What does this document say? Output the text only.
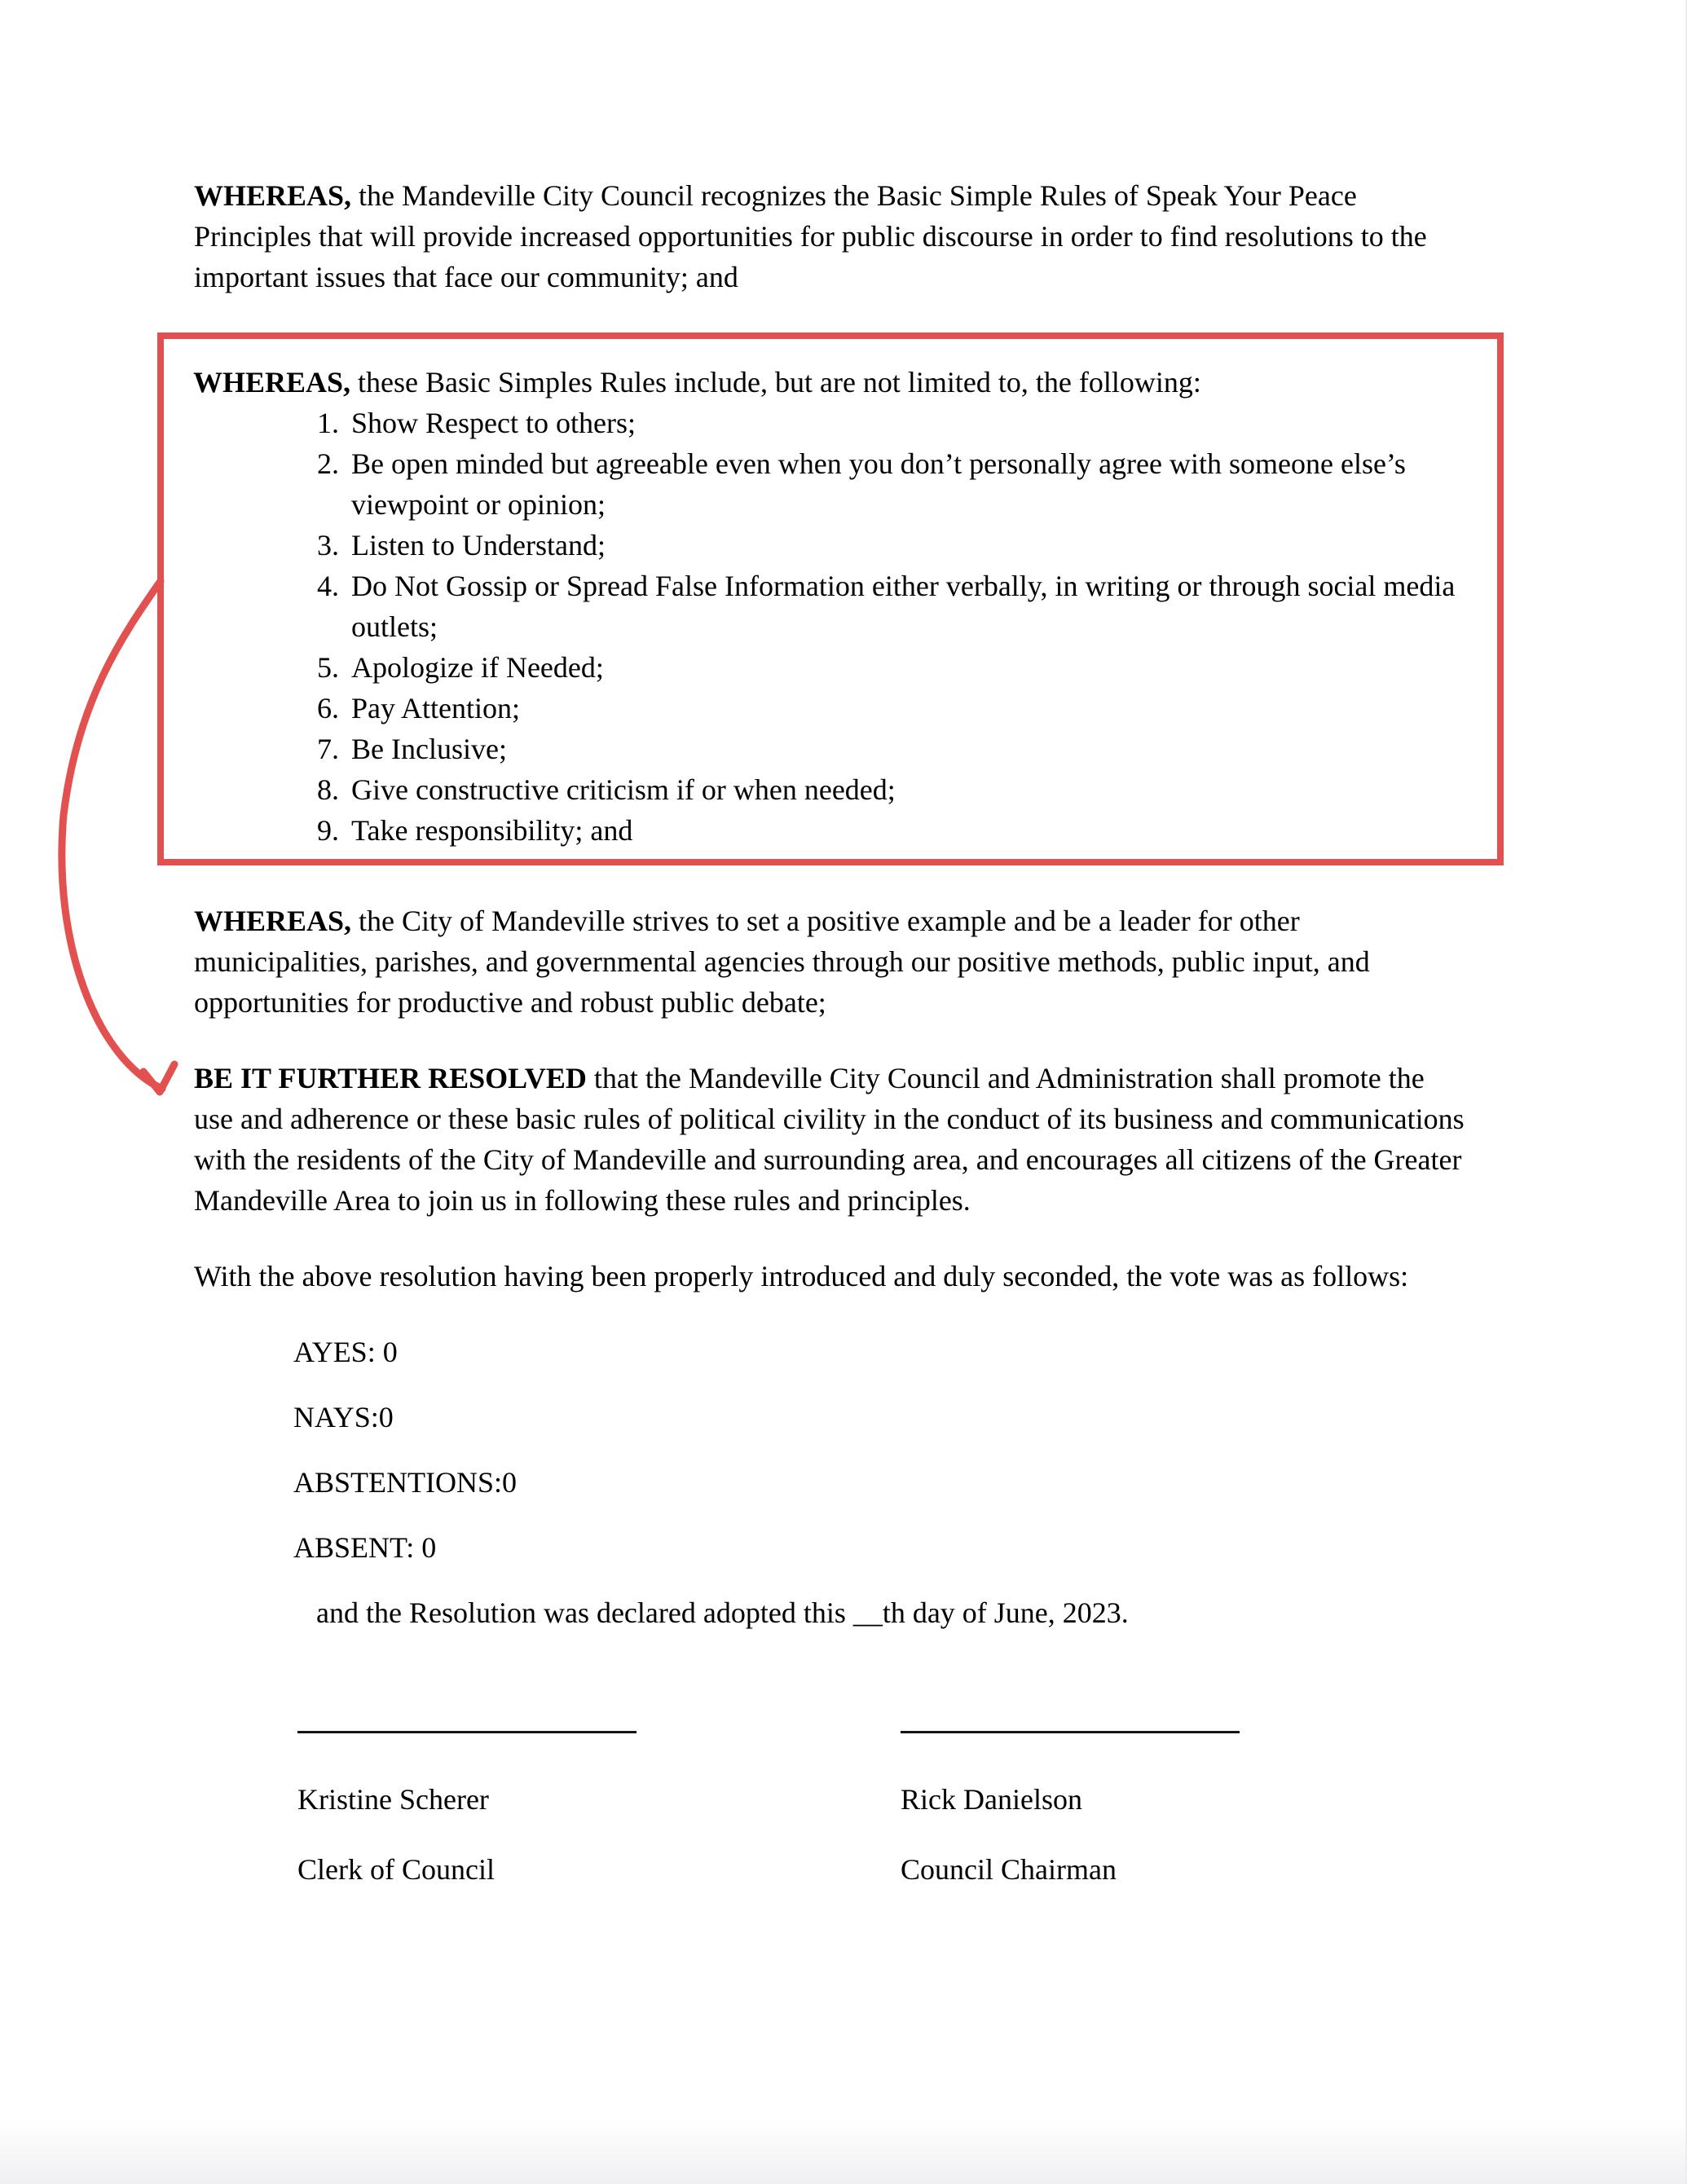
WHEREAS, the Mandeville City Council recognizes the Basic Simple Rules of Speak Your Peace Principles that will provide increased opportunities for public discourse in order to find resolutions to the important issues that face our community; and

WHEREAS, these Basic Simples Rules include, but are not limited to, the following:

1. Show Respect to others;
2. Be open minded but agreeable even when you don’t personally agree with someone else’s viewpoint or opinion;
3. Listen to Understand;
4. Do Not Gossip or Spread False Information either verbally, in writing or through social media outlets;
5. Apologize if Needed;
6. Pay Attention;
7. Be Inclusive;
8. Give constructive criticism if or when needed;
9. Take responsibility; and

WHEREAS, the City of Mandeville strives to set a positive example and be a leader for other municipalities, parishes, and governmental agencies through our positive methods, public input, and opportunities for productive and robust public debate;

BE IT FURTHER RESOLVED that the Mandeville City Council and Administration shall promote the use and adherence or these basic rules of political civility in the conduct of its business and communications with the residents of the City of Mandeville and surrounding area, and encourages all citizens of the Greater Mandeville Area to join us in following these rules and principles.

With the above resolution having been properly introduced and duly seconded, the vote was as follows:

AYES: 0

NAYS:0

ABSTENTIONS:0

ABSENT: 0

and the Resolution was declared adopted this __th day of June, 2023.

Kristine Scherer

Clerk of Council

Rick Danielson

Council Chairman
